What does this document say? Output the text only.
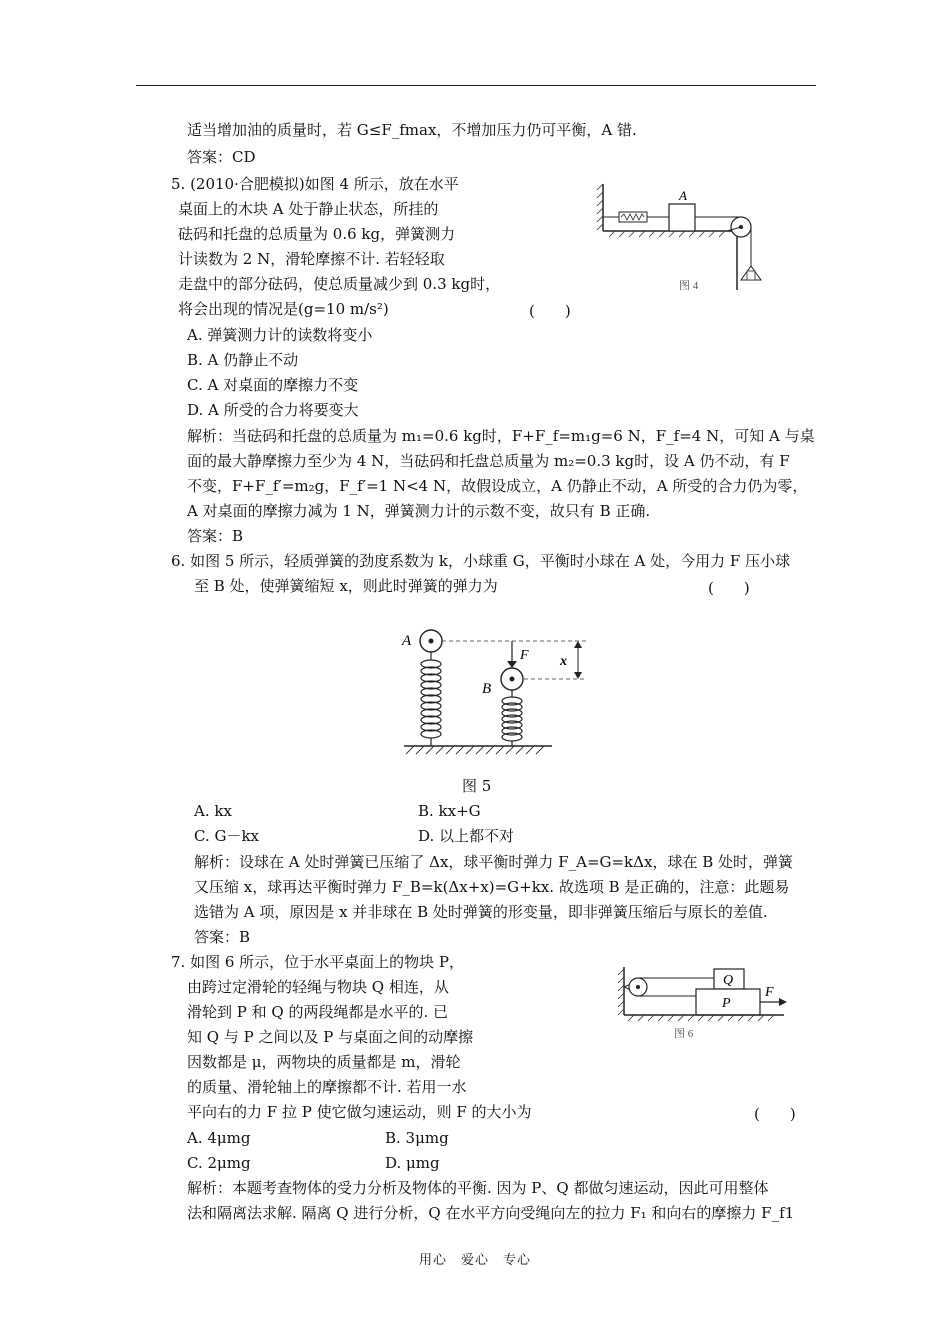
适当增加油的质量时，若 G≤F_fmax，不增加压力仍可平衡，A 错.
答案：CD
5. (2010·合肥模拟)如图 4 所示，放在水平
桌面上的木块 A 处于静止状态，所挂的
砝码和托盘的总质量为 0.6 kg，弹簧测力
计读数为 2 N，滑轮摩擦不计. 若轻轻取
走盘中的部分砝码，使总质量减少到 0.3 kg时，
将会出现的情况是(g=10 m/s²)	(　　)
A. 弹簧测力计的读数将变小
B. A 仍静止不动
C. A 对桌面的摩擦力不变
D. A 所受的合力将要变大
解析：当砝码和托盘的总质量为 m₁=0.6 kg时，F+F_f=m₁g=6 N，F_f=4 N，可知 A 与桌
面的最大静摩擦力至少为 4 N，当砝码和托盘总质量为 m₂=0.3 kg时，设 A 仍不动，有 F
不变，F+F_f′=m₂g，F_f′=1 N<4 N，故假设成立，A 仍静止不动，A 所受的合力仍为零，
A 对桌面的摩擦力减为 1 N，弹簧测力计的示数不变，故只有 B 正确.
答案：B
A
图 4
6. 如图 5 所示，轻质弹簧的劲度系数为 k，小球重 G，平衡时小球在 A 处，今用力 F 压小球
至 B 处，使弹簧缩短 x，则此时弹簧的弹力为	(　　)
A
B
F x
图 5
A. kx	B. kx+G
C. G－kx	D. 以上都不对
解析：设球在 A 处时弹簧已压缩了 Δx，球平衡时弹力 F_A=G=kΔx，球在 B 处时，弹簧
又压缩 x，球再达平衡时弹力 F_B=k(Δx+x)=G+kx. 故选项 B 是正确的，注意：此题易
选错为 A 项，原因是 x 并非球在 B 处时弹簧的形变量，即非弹簧压缩后与原长的差值.
答案：B
7. 如图 6 所示，位于水平桌面上的物块 P，
由跨过定滑轮的轻绳与物块 Q 相连，从
滑轮到 P 和 Q 的两段绳都是水平的. 已
知 Q 与 P 之间以及 P 与桌面之间的动摩擦
因数都是 μ，两物块的质量都是 m，滑轮
的质量、滑轮轴上的摩擦都不计. 若用一水
平向右的力 F 拉 P 使它做匀速运动，则 F 的大小为	(　　)
Q
P
F
图 6
A. 4μmg	B. 3μmg
C. 2μmg	D. μmg
解析：本题考查物体的受力分析及物体的平衡. 因为 P、Q 都做匀速运动，因此可用整体
法和隔离法求解. 隔离 Q 进行分析，Q 在水平方向受绳向左的拉力 F₁ 和向右的摩擦力 F_f1
用心　爱心　专心
